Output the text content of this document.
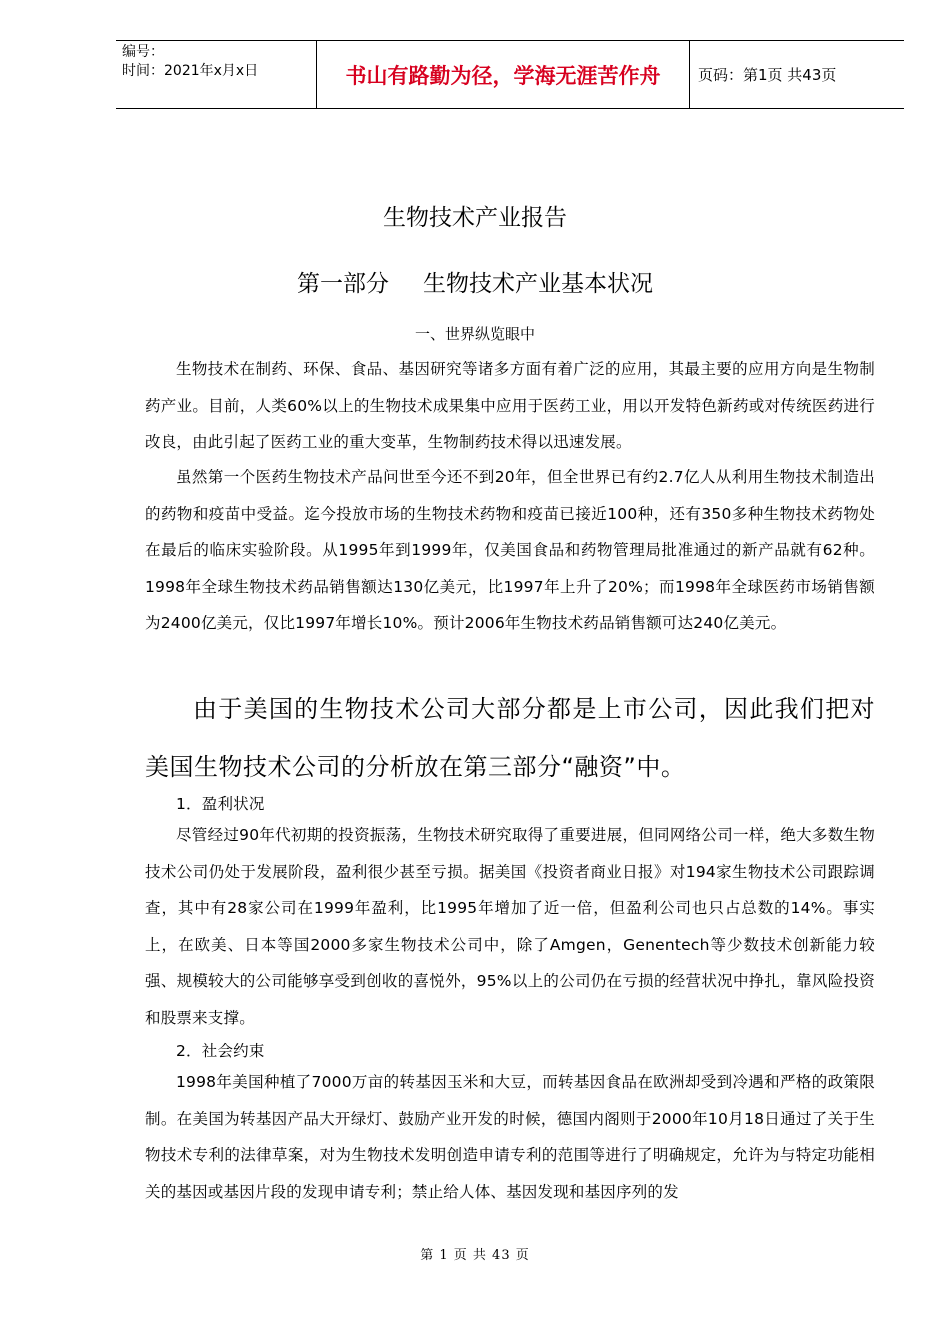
编号：
时间：2021年x月x日	书山有路勤为径，学海无涯苦作舟	页码：第1页 共43页
生物技术产业报告
第一部分 生物技术产业基本状况
一、世界纵览眼中

生物技术在制药、环保、食品、基因研究等诸多方面有着广泛的应用，其最主要的应用方向是生物制药产业。目前，人类60%以上的生物技术成果集中应用于医药工业，用以开发特色新药或对传统医药进行改良，由此引起了医药工业的重大变革，生物制药技术得以迅速发展。

虽然第一个医药生物技术产品问世至今还不到20年，但全世界已有约2.7亿人从利用生物技术制造出的药物和疫苗中受益。迄今投放市场的生物技术药物和疫苗已接近100种，还有350多种生物技术药物处在最后的临床实验阶段。从1995年到1999年，仅美国食品和药物管理局批准通过的新产品就有62种。1998年全球生物技术药品销售额达130亿美元，比1997年上升了20%；而1998年全球医药市场销售额为2400亿美元，仅比1997年增长10%。预计2006年生物技术药品销售额可达240亿美元。

由于美国的生物技术公司大部分都是上市公司，因此我们把对美国生物技术公司的分析放在第三部分“融资”中。

1．盈利状况

尽管经过90年代初期的投资振荡，生物技术研究取得了重要进展，但同网络公司一样，绝大多数生物技术公司仍处于发展阶段，盈利很少甚至亏损。据美国《投资者商业日报》对194家生物技术公司跟踪调查，其中有28家公司在1999年盈利，比1995年增加了近一倍，但盈利公司也只占总数的14%。事实上，在欧美、日本等国2000多家生物技术公司中，除了Amgen，Genentech等少数技术创新能力较强、规模较大的公司能够享受到创收的喜悦外，95%以上的公司仍在亏损的经营状况中挣扎，靠风险投资和股票来支撑。

2．社会约束

1998年美国种植了7000万亩的转基因玉米和大豆，而转基因食品在欧洲却受到冷遇和严格的政策限制。在美国为转基因产品大开绿灯、鼓励产业开发的时候，德国内阁则于2000年10月18日通过了关于生物技术专利的法律草案，对为生物技术发明创造申请专利的范围等进行了明确规定，允许为与特定功能相关的基因或基因片段的发现申请专利；禁止给人体、基因发现和基因序列的发

第 1 页 共 43 页
